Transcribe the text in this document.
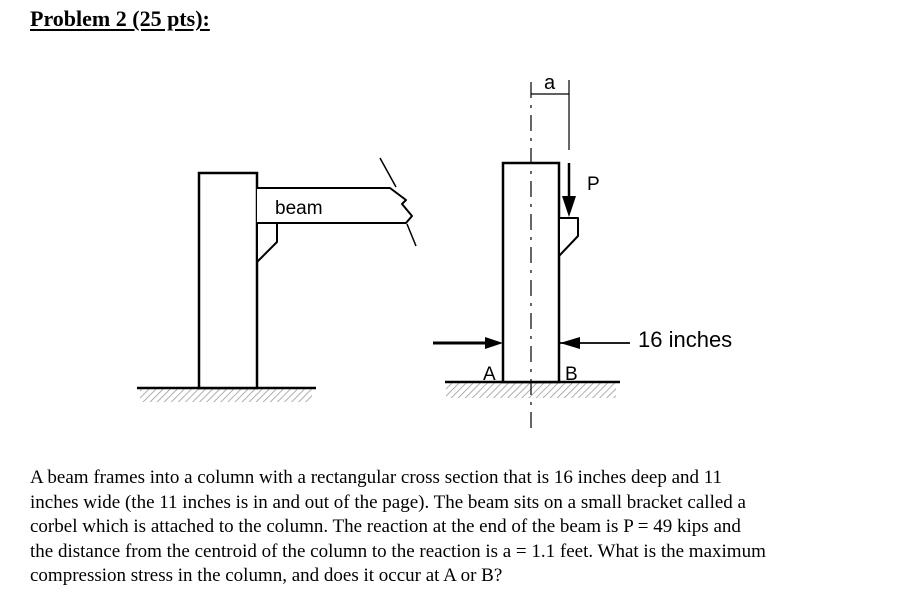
Problem 2 (25 pts):
beam
a
P
16 inches
A	B
A beam frames into a column with a rectangular cross section that is 16 inches deep and 11
inches wide (the 11 inches is in and out of the page). The beam sits on a small bracket called a
corbel which is attached to the column. The reaction at the end of the beam is P = 49 kips and
the distance from the centroid of the column to the reaction is a = 1.1 feet. What is the maximum
compression stress in the column, and does it occur at A or B?
